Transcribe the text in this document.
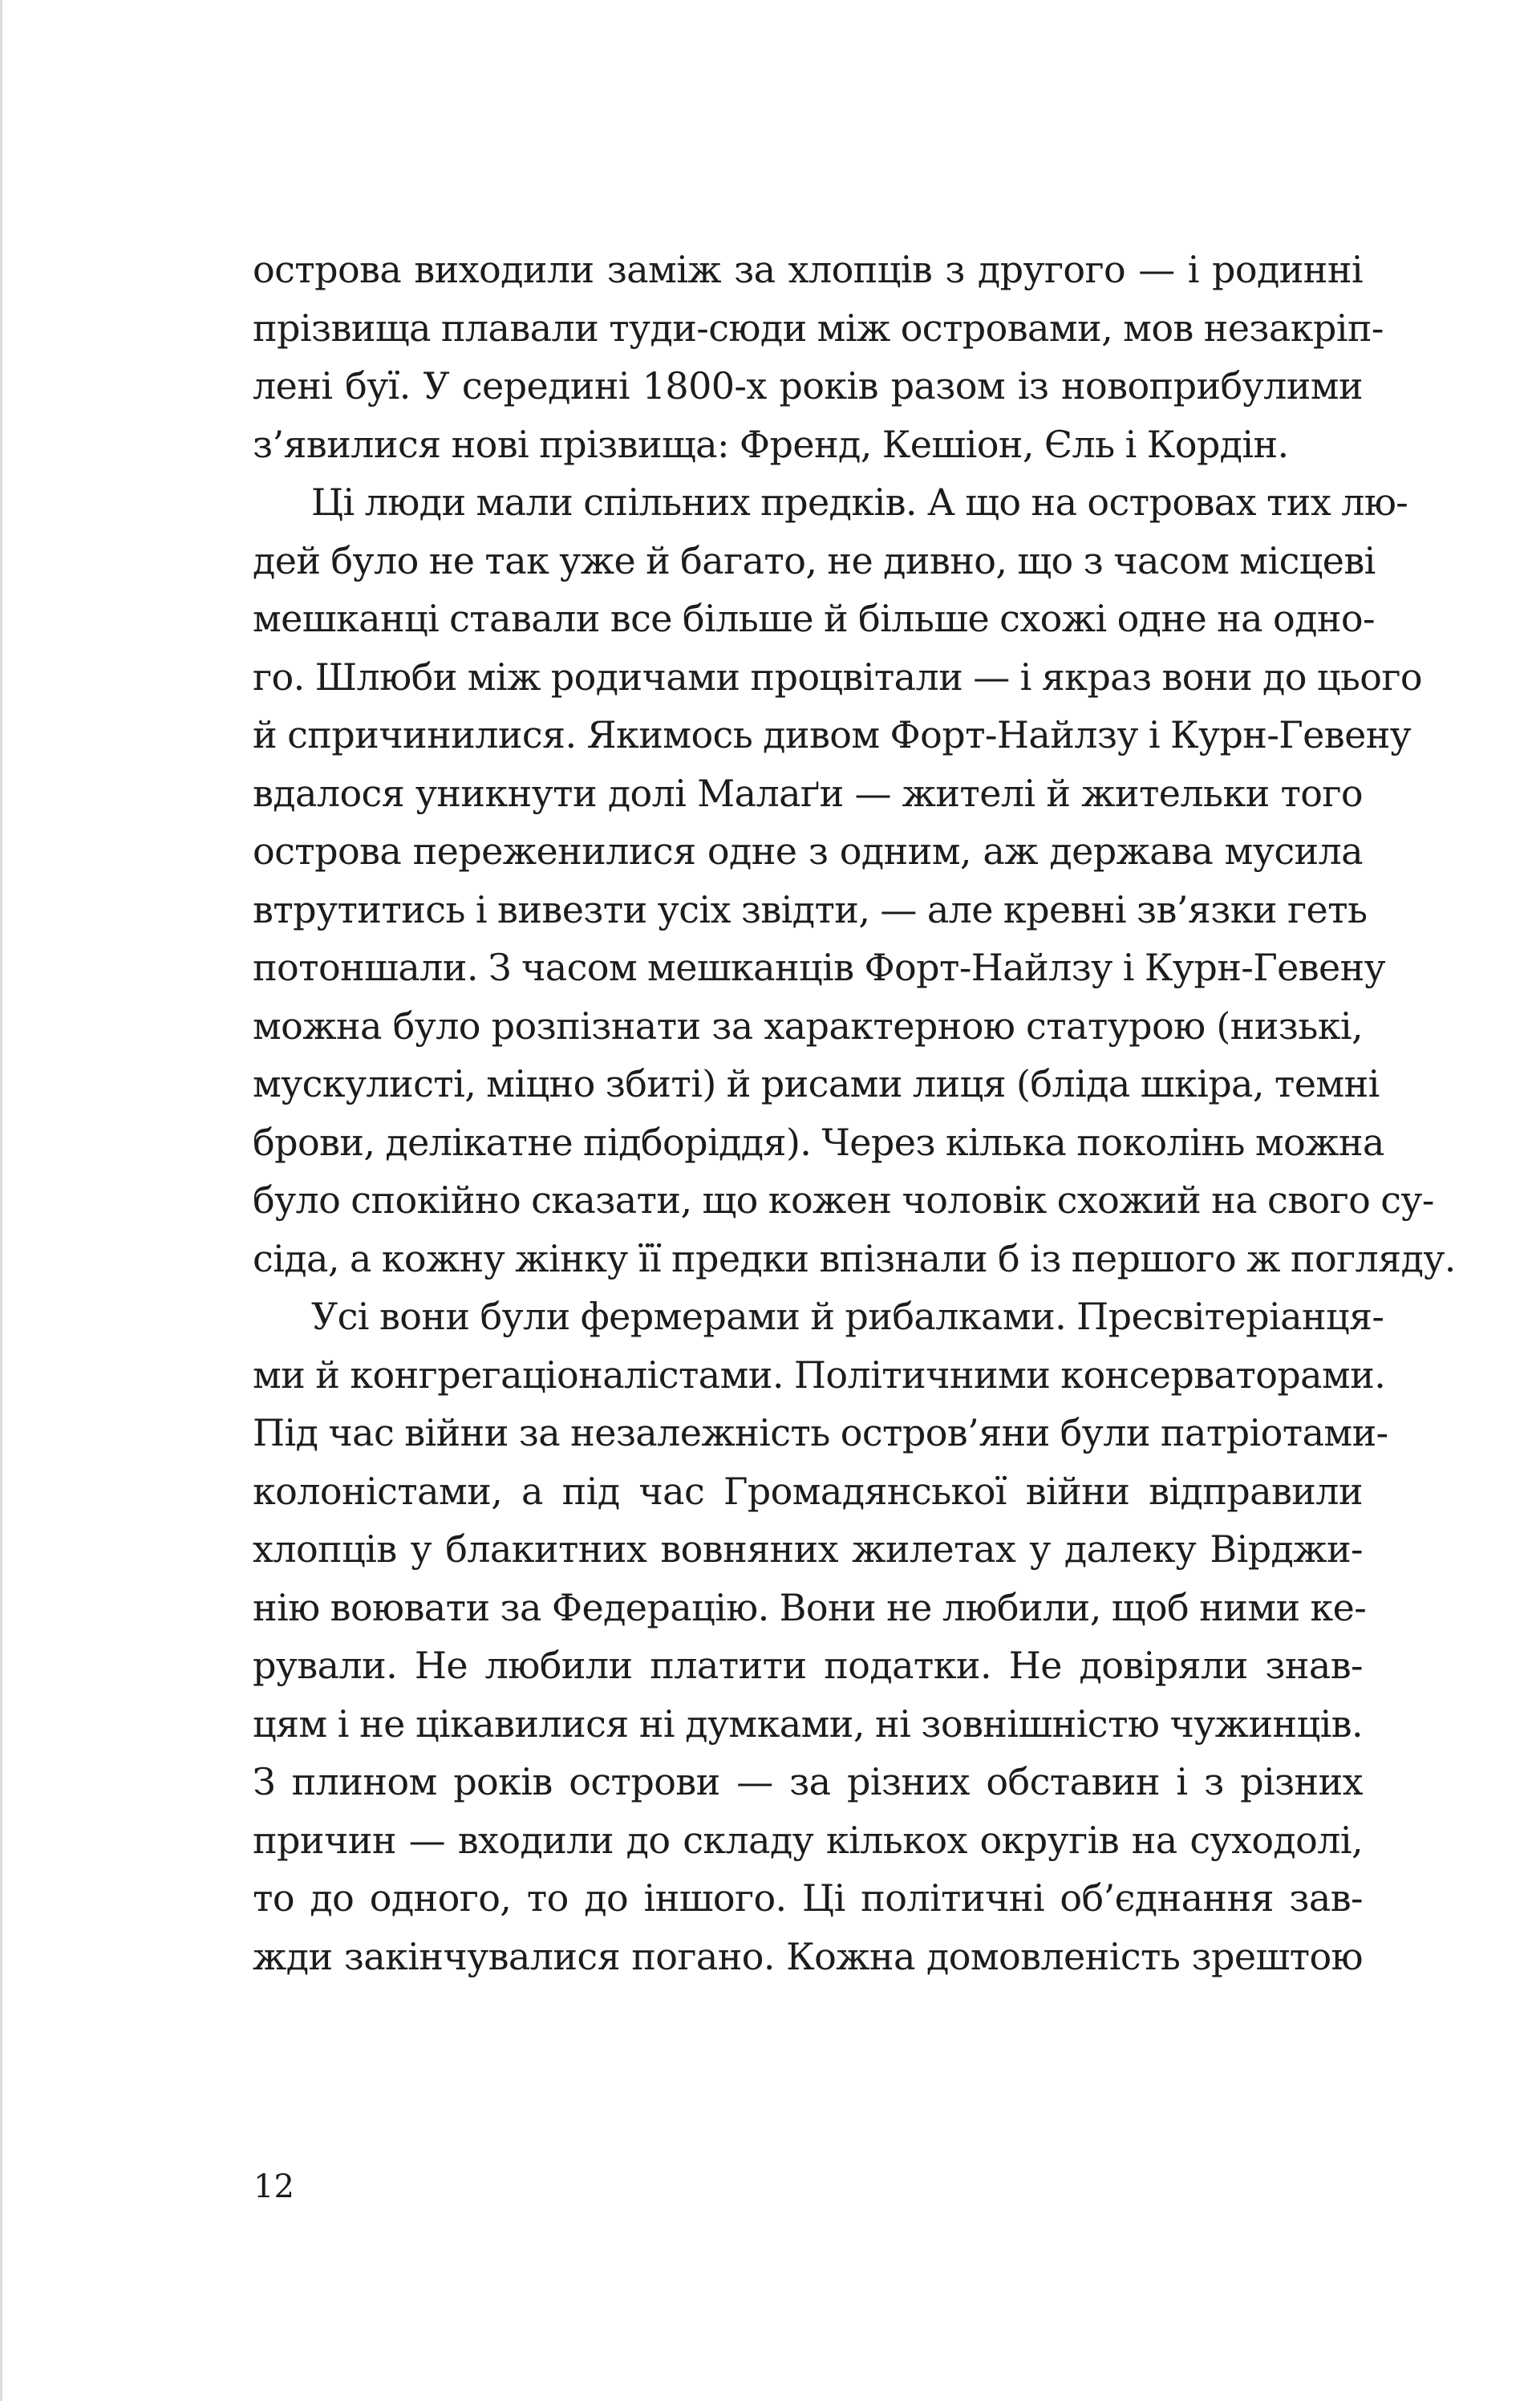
острова виходили заміж за хлопців з другого — і родинні
прізвища плавали туди-сюди між островами, мов незакріп-
лені буї. У середині 1800-х років разом із новоприбулими
з’явилися нові прізвища: Френд, Кешіон, Єль і Кордін.
Ці люди мали спільних предків. А що на островах тих лю-
дей було не так уже й багато, не дивно, що з часом місцеві
мешканці ставали все більше й більше схожі одне на одно-
го. Шлюби між родичами процвітали — і якраз вони до цього
й спричинилися. Якимось дивом Форт-Найлзу і Курн-Гевену
вдалося уникнути долі Малаґи — жителі й жительки того
острова переженилися одне з одним, аж держава мусила
втрутитись і вивезти усіх звідти, — але кревні зв’язки геть
потоншали. З часом мешканців Форт-Найлзу і Курн-Гевену
можна було розпізнати за характерною статурою (низькі,
мускулисті, міцно збиті) й рисами лиця (бліда шкіра, темні
брови, делікатне підборіддя). Через кілька поколінь можна
було спокійно сказати, що кожен чоловік схожий на свого су-
сіда, а кожну жінку її предки впізнали б із першого ж погляду.
Усі вони були фермерами й рибалками. Пресвітеріанця-
ми й конгрегаціоналістами. Політичними консерваторами.
Під час війни за незалежність остров’яни були патріотами-
колоністами, а під час Громадянської війни відправили
хлопців у блакитних вовняних жилетах у далеку Вірджи-
нію воювати за Федерацію. Вони не любили, щоб ними ке-
рували. Не любили платити податки. Не довіряли знав-
цям і не цікавилися ні думками, ні зовнішністю чужинців.
З плином років острови — за різних обставин і з різних
причин — входили до складу кількох округів на суходолі,
то до одного, то до іншого. Ці політичні об’єднання зав-
жди закінчувалися погано. Кожна домовленість зрештою
12
